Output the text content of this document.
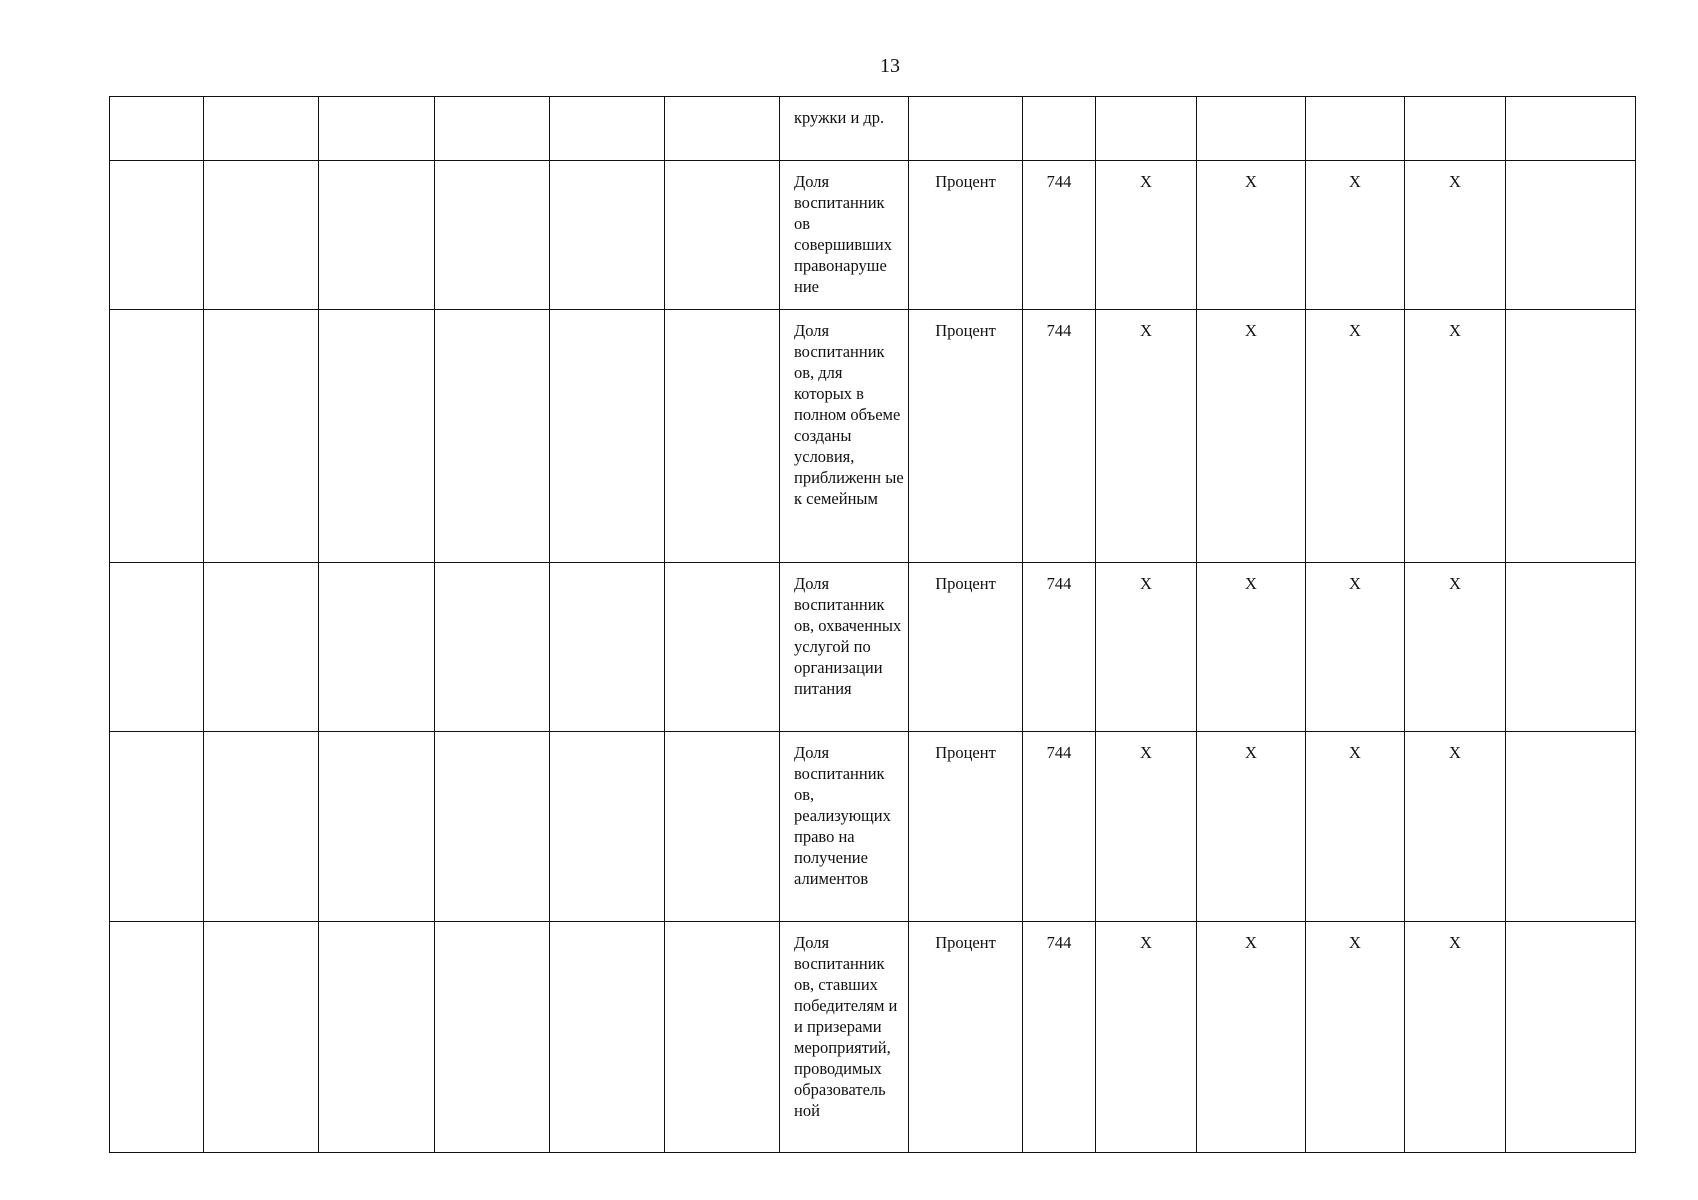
13
						кружки и др.							
						Доля воспитанник ов совершивших правонаруше ние	Процент	744	X	X	X	X	
						Доля воспитанник ов, для которых в полном объеме созданы условия, приближенн ые к семейным	Процент	744	X	X	X	X	
						Доля воспитанник ов, охваченных услугой по организации питания	Процент	744	X	X	X	X	
						Доля воспитанник ов, реализующих право на получение алиментов	Процент	744	X	X	X	X	
						Доля воспитанник ов, ставших победителям и и призерами мероприятий, проводимых образователь ной	Процент	744	X	X	X	X	
